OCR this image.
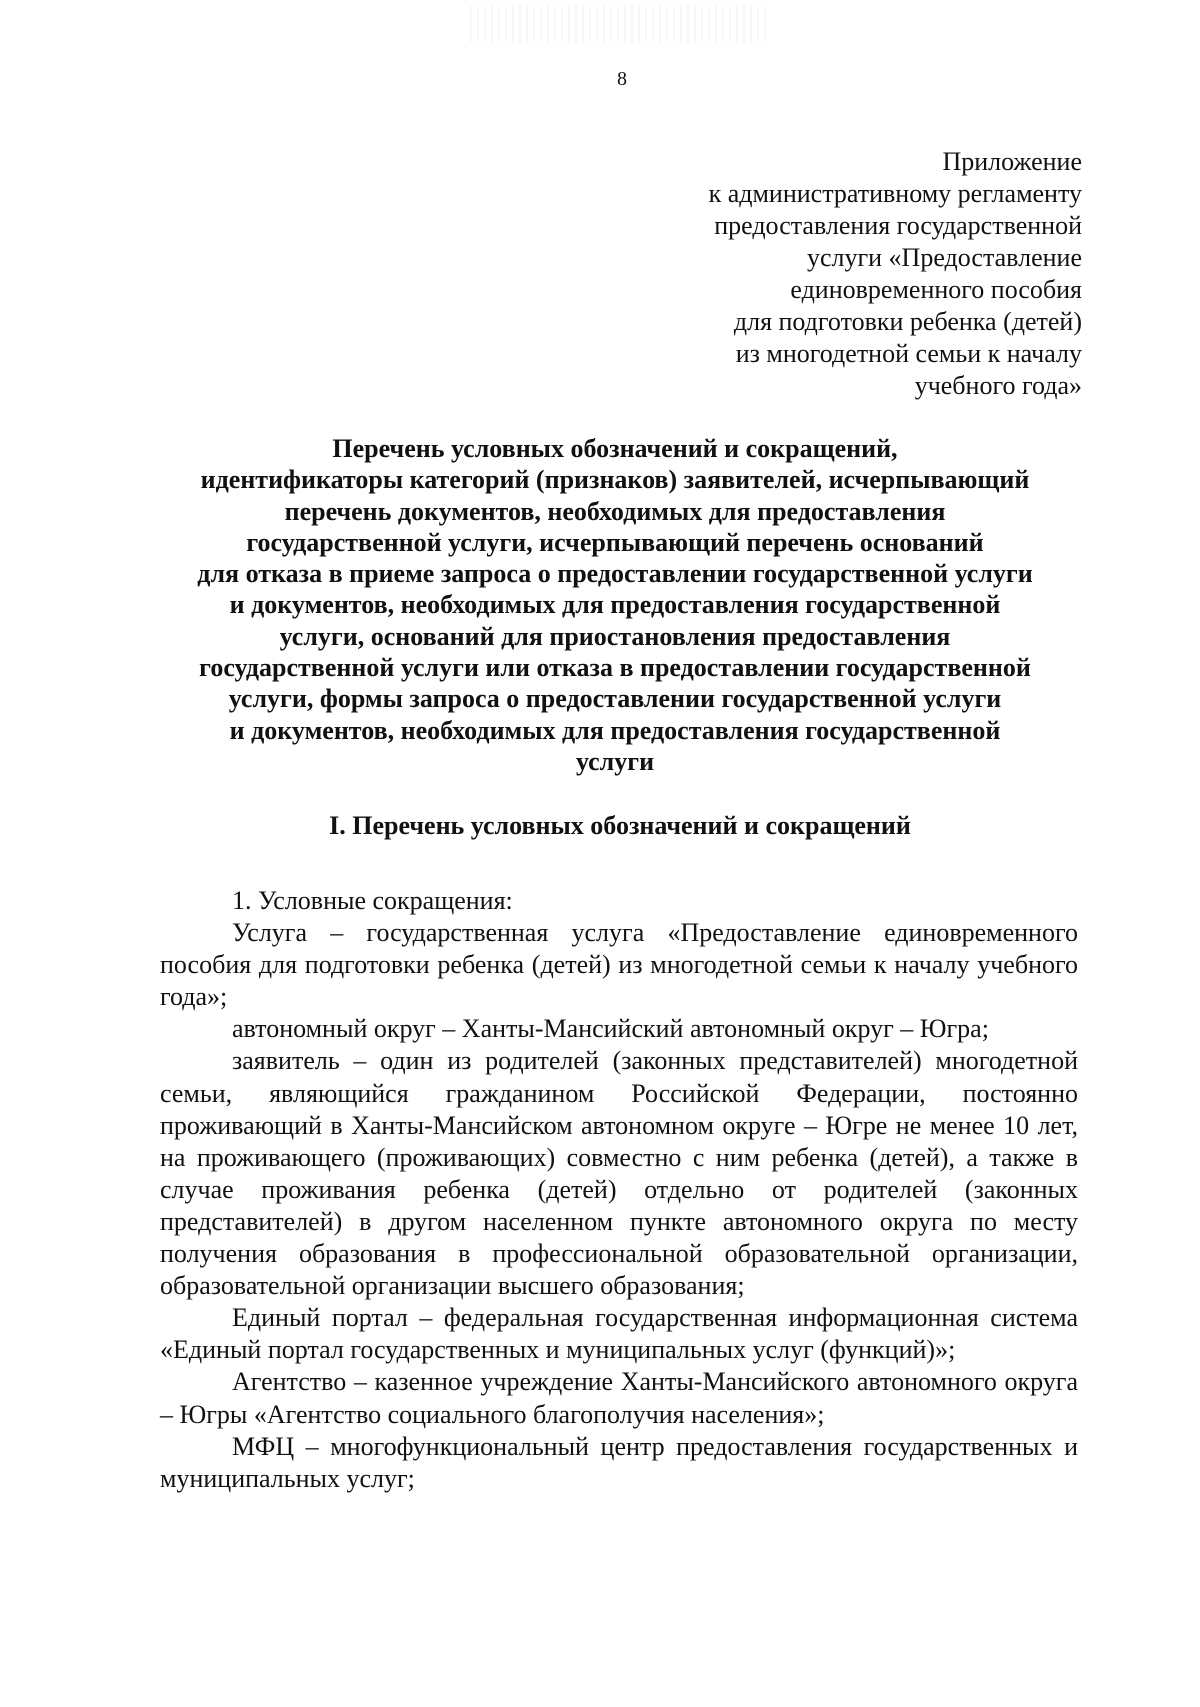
8
Приложение
к административному регламенту
предоставления государственной
услуги «Предоставление
единовременного пособия
для подготовки ребенка (детей)
из многодетной семьи к началу
учебного года»
Перечень условных обозначений и сокращений,
идентификаторы категорий (признаков) заявителей, исчерпывающий
перечень документов, необходимых для предоставления
государственной услуги, исчерпывающий перечень оснований
для отказа в приеме запроса о предоставлении государственной услуги
и документов, необходимых для предоставления государственной
услуги, оснований для приостановления предоставления
государственной услуги или отказа в предоставлении государственной
услуги, формы запроса о предоставлении государственной услуги
и документов, необходимых для предоставления государственной
услуги
I. Перечень условных обозначений и сокращений

1. Условные сокращения:

Услуга – государственная услуга «Предоставление единовременного пособия для подготовки ребенка (детей) из многодетной семьи к началу учебного года»;

автономный округ – Ханты-Мансийский автономный округ – Югра;

заявитель – один из родителей (законных представителей) многодетной семьи, являющийся гражданином Российской Федерации, постоянно проживающий в Ханты-Мансийском автономном округе – Югре не менее 10 лет, на проживающего (проживающих) совместно с ним ребенка (детей), а также в случае проживания ребенка (детей) отдельно от родителей (законных представителей) в другом населенном пункте автономного округа по месту получения образования в профессиональной образовательной организации, образовательной организации высшего образования;

Единый портал – федеральная государственная информационная система «Единый портал государственных и муниципальных услуг (функций)»;

Агентство – казенное учреждение Ханты-Мансийского автономного округа – Югры «Агентство социального благополучия населения»;

МФЦ – многофункциональный центр предоставления государственных и муниципальных услуг;
